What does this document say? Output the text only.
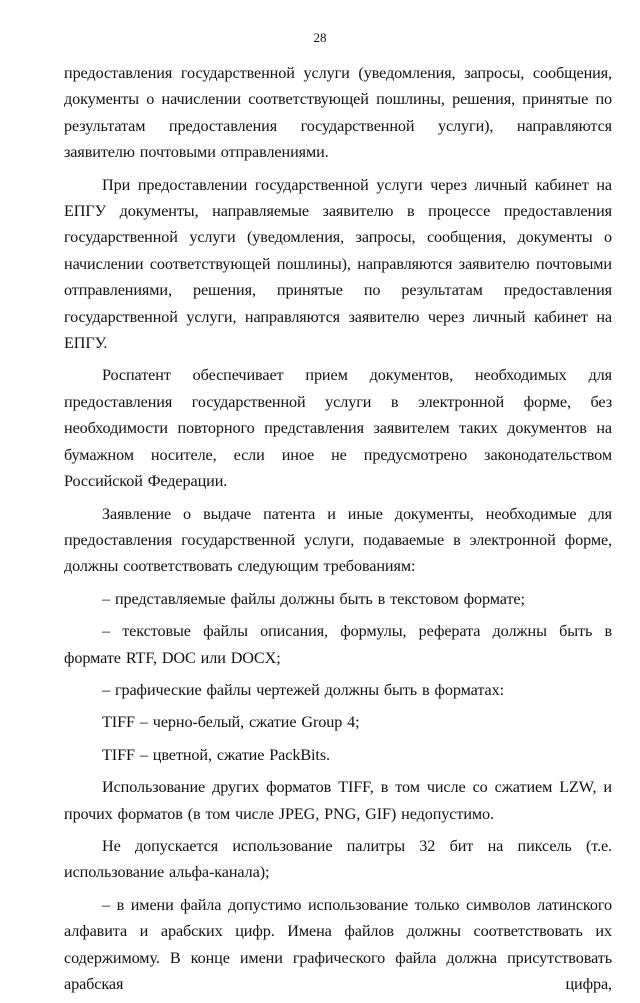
28

предоставления государственной услуги (уведомления, запросы, сообщения, документы о начислении соответствующей пошлины, решения, принятые по результатам предоставления государственной услуги), направляются заявителю почтовыми отправлениями.

При предоставлении государственной услуги через личный кабинет на ЕПГУ документы, направляемые заявителю в процессе предоставления государственной услуги (уведомления, запросы, сообщения, документы о начислении соответствующей пошлины), направляются заявителю почтовыми отправлениями, решения, принятые по результатам предоставления государственной услуги, направляются заявителю через личный кабинет на ЕПГУ.

Роспатент обеспечивает прием документов, необходимых для предоставления государственной услуги в электронной форме, без необходимости повторного представления заявителем таких документов на бумажном носителе, если иное не предусмотрено законодательством Российской Федерации.

Заявление о выдаче патента и иные документы, необходимые для предоставления государственной услуги, подаваемые в электронной форме, должны соответствовать следующим требованиям:

– представляемые файлы должны быть в текстовом формате;

– текстовые файлы описания, формулы, реферата должны быть в формате RTF, DOC или DOCX;

– графические файлы чертежей должны быть в форматах:

TIFF – черно-белый, сжатие Group 4;

TIFF – цветной, сжатие PackBits.

Использование других форматов TIFF, в том числе со сжатием LZW, и прочих форматов (в том числе JPEG, PNG, GIF) недопустимо.

Не допускается использование палитры 32 бит на пиксель (т.е. использование альфа-канала);

– в имени файла допустимо использование только символов латинского алфавита и арабских цифр. Имена файлов должны соответствовать их содержимому. В конце имени графического файла должна присутствовать арабская цифра,
